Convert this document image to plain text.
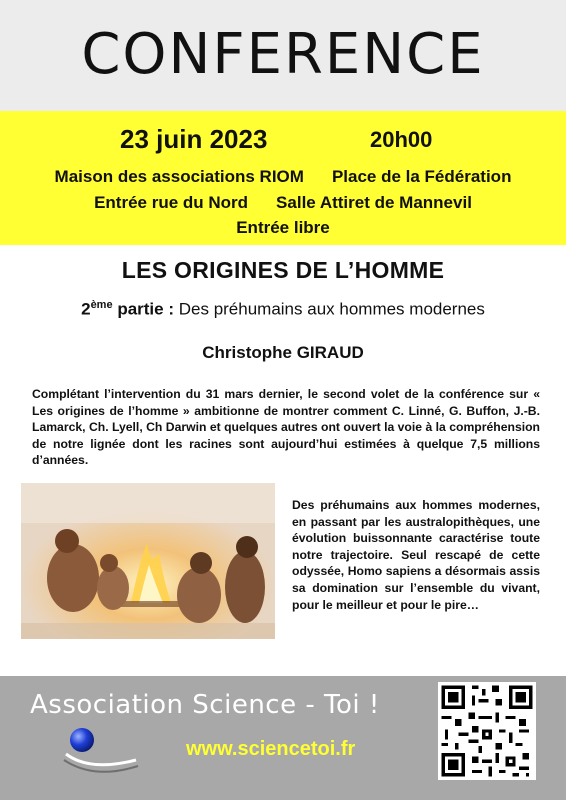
CONFERENCE
23 juin 2023	20h00
Maison des associations RIOM Place de la Fédération
Entrée rue du Nord Salle Attiret de Mannevil
Entrée libre
LES ORIGINES DE L’HOMME
2ème partie : Des préhumains aux hommes modernes
Christophe GIRAUD
Complétant l’intervention du 31 mars dernier, le second volet de la conférence sur « Les origines de l’homme » ambitionne de montrer comment C. Linné, G. Buffon, J.-B. Lamarck, Ch. Lyell, Ch Darwin et quelques autres ont ouvert la voie à la compréhension de notre lignée dont les racines sont aujourd’hui estimées à quelque 7,5 millions d’années.
Des préhumains aux hommes modernes, en passant par les australopithèques, une évolution buissonnante caractérise toute notre trajectoire. Seul rescapé de cette odyssée, Homo sapiens a désormais assis sa domination sur l’ensemble du vivant, pour le meilleur et pour le pire…
Association Science - Toi !
www.sciencetoi.fr
